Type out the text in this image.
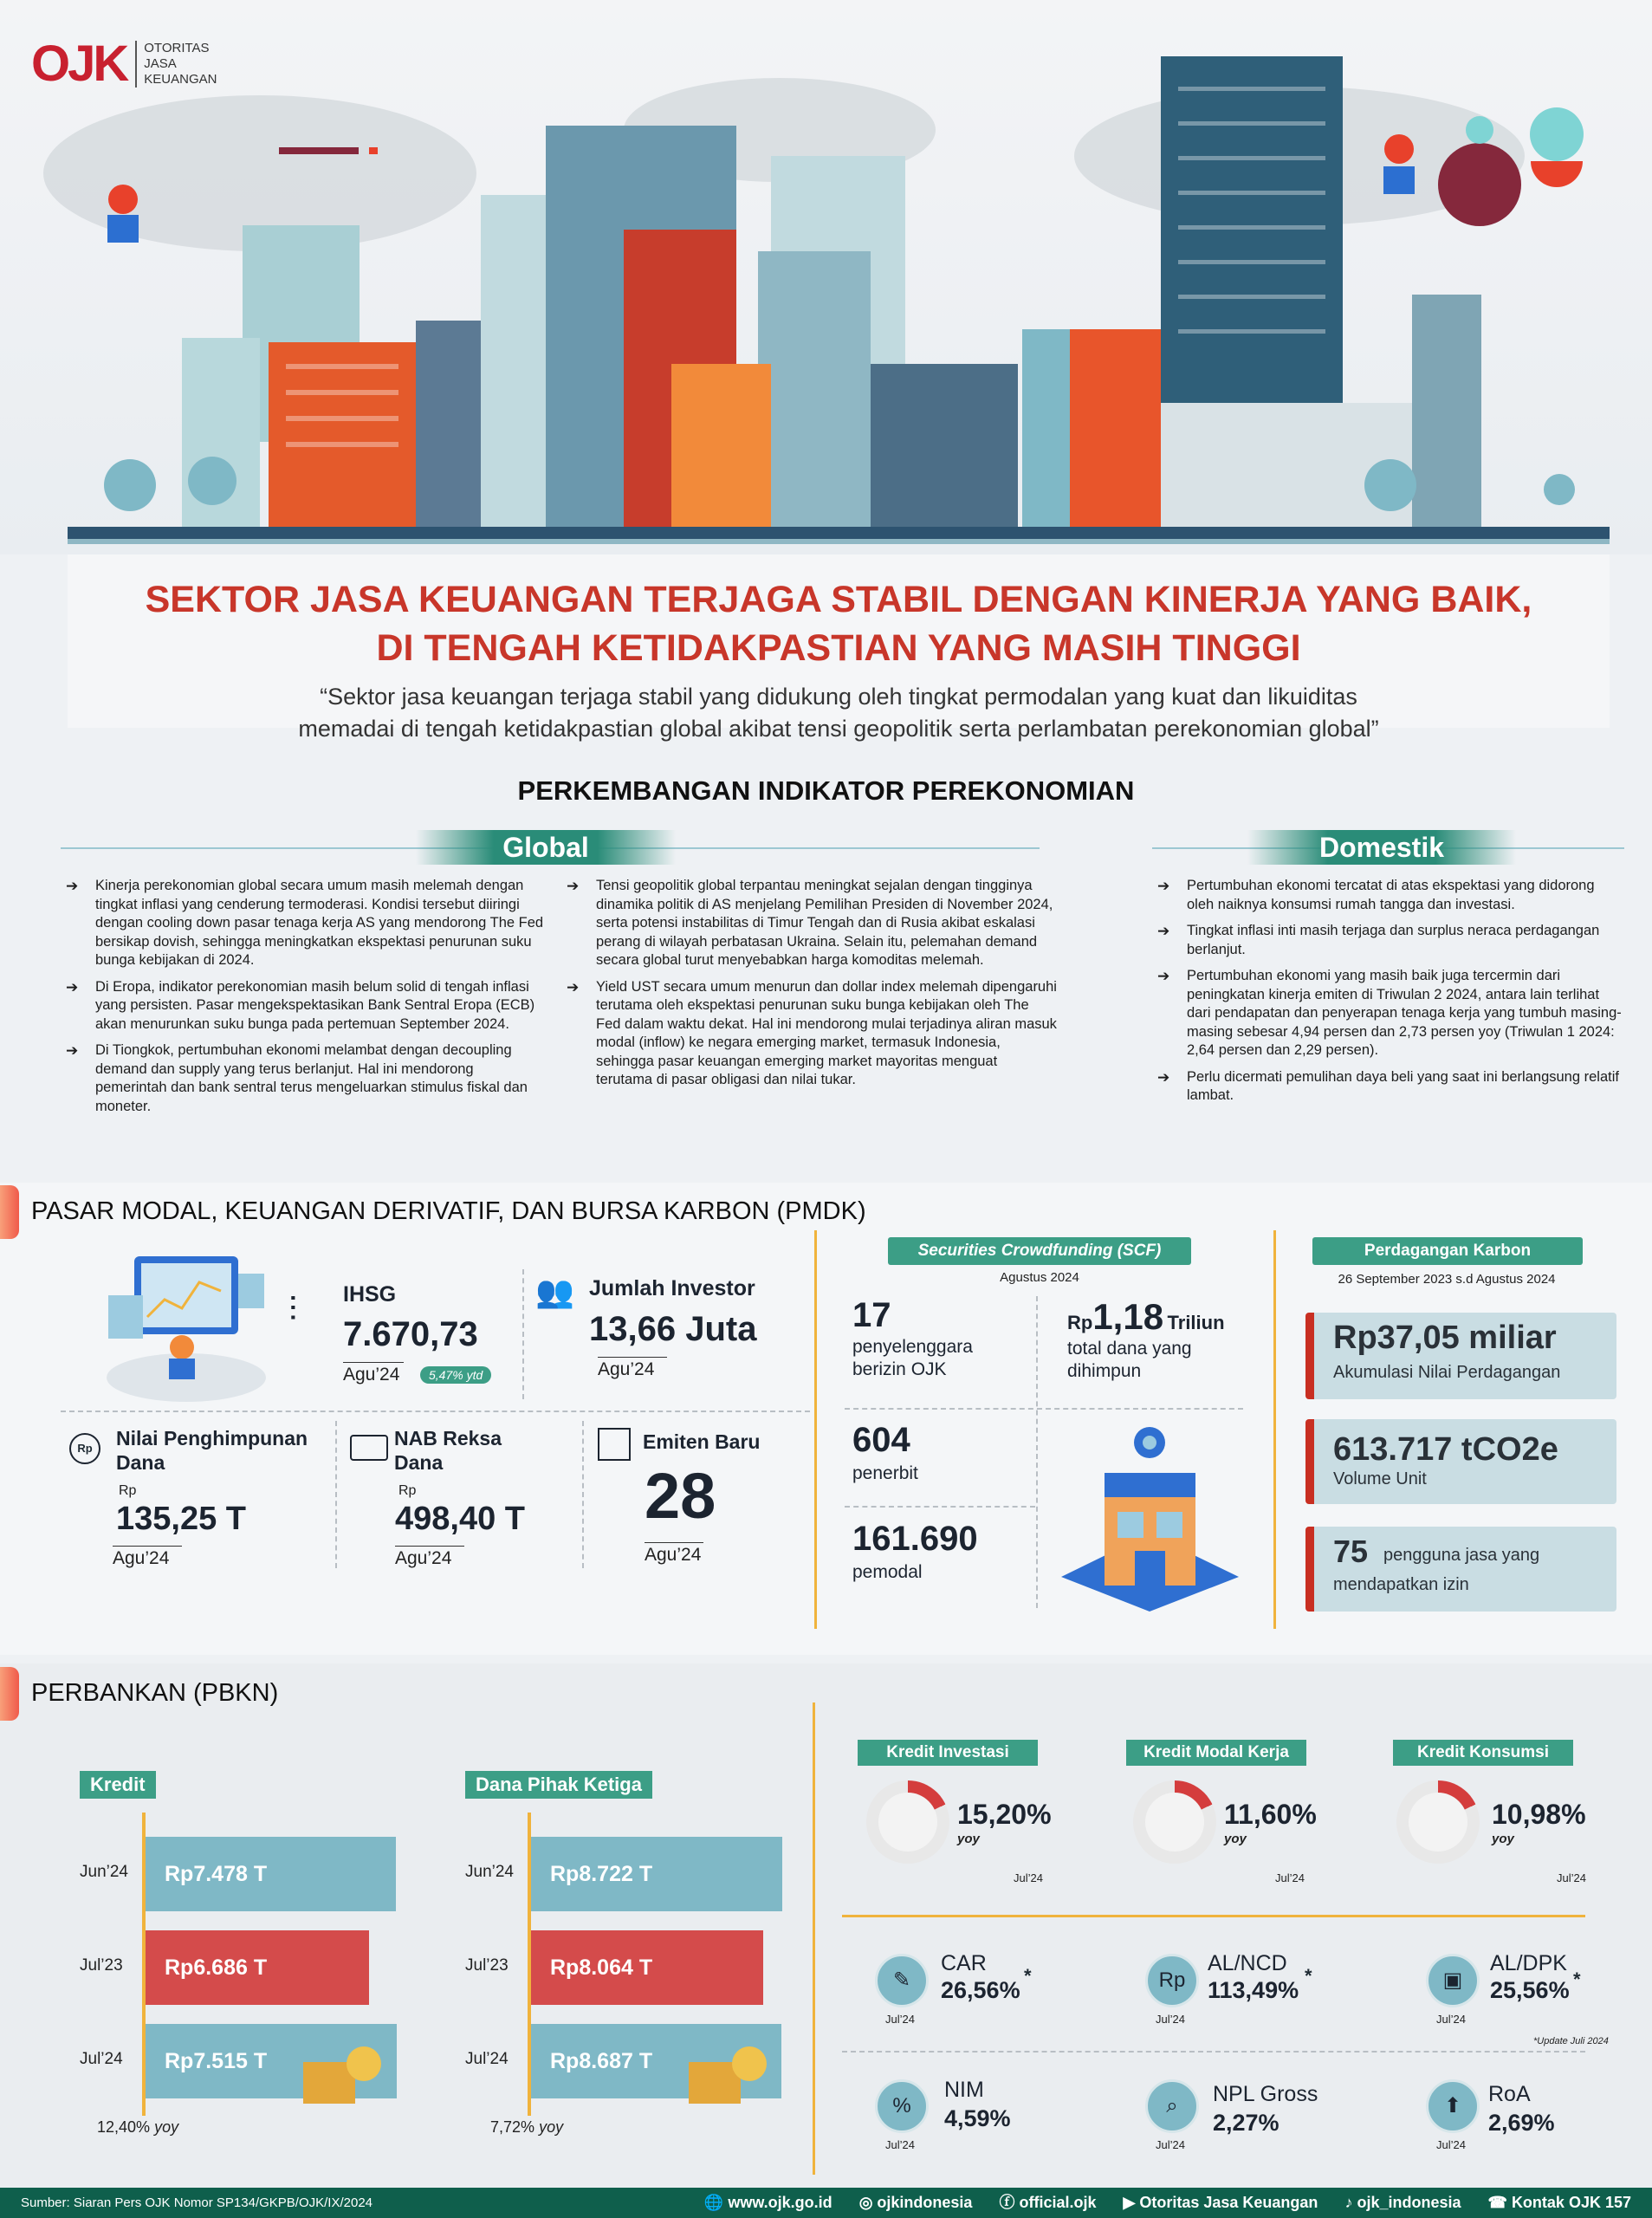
OJK	OTORITAS
JASA
KEUANGAN
SEKTOR JASA KEUANGAN TERJAGA STABIL DENGAN KINERJA YANG BAIK,
DI TENGAH KETIDAKPASTIAN YANG MASIH TINGGI
“Sektor jasa keuangan terjaga stabil yang didukung oleh tingkat permodalan yang kuat dan likuiditas
memadai di tengah ketidakpastian global akibat tensi geopolitik serta perlambatan perekonomian global”
PERKEMBANGAN INDIKATOR PEREKONOMIAN
Global	Domestik
➔ Kinerja perekonomian global secara umum masih melemah dengan tingkat inflasi yang cenderung termoderasi. Kondisi tersebut diiringi dengan cooling down pasar tenaga kerja AS yang mendorong The Fed bersikap dovish, sehingga meningkatkan ekspektasi penurunan suku bunga kebijakan di 2024.
➔ Di Eropa, indikator perekonomian masih belum solid di tengah inflasi yang persisten. Pasar mengekspektasikan Bank Sentral Eropa (ECB) akan menurunkan suku bunga pada pertemuan September 2024.
➔ Di Tiongkok, pertumbuhan ekonomi melambat dengan decoupling demand dan supply yang terus berlanjut. Hal ini mendorong pemerintah dan bank sentral terus mengeluarkan stimulus fiskal dan moneter.
➔ Tensi geopolitik global terpantau meningkat sejalan dengan tingginya dinamika politik di AS menjelang Pemilihan Presiden di November 2024, serta potensi instabilitas di Timur Tengah dan di Rusia akibat eskalasi perang di wilayah perbatasan Ukraina. Selain itu, pelemahan demand secara global turut menyebabkan harga komoditas melemah.
➔ Yield UST secara umum menurun dan dollar index melemah dipengaruhi terutama oleh ekspektasi penurunan suku bunga kebijakan oleh The Fed dalam waktu dekat. Hal ini mendorong mulai terjadinya aliran masuk modal (inflow) ke negara emerging market, termasuk Indonesia, sehingga pasar keuangan emerging market mayoritas menguat terutama di pasar obligasi dan nilai tukar.
➔ Pertumbuhan ekonomi tercatat di atas ekspektasi yang didorong oleh naiknya konsumsi rumah tangga dan investasi.
➔ Tingkat inflasi inti masih terjaga dan surplus neraca perdagangan berlanjut.
➔ Pertumbuhan ekonomi yang masih baik juga tercermin dari peningkatan kinerja emiten di Triwulan 2 2024, antara lain terlihat dari pendapatan dan penyerapan tenaga kerja yang tumbuh masing-masing sebesar 4,94 persen dan 2,73 persen yoy (Triwulan 1 2024: 2,64 persen dan 2,29 persen).
➔ Perlu dicermati pemulihan daya beli yang saat ini berlangsung relatif lambat.
PASAR MODAL, KEUANGAN DERIVATIF, DAN BURSA KARBON (PMDK)
⫶ IHSG
7.670,73
Agu’24	5,47% ytd
👥 Jumlah Investor
13,66 Juta
Agu’24
Rp	Nilai Penghimpunan
Dana
Rp
135,25 T
Agu’24
NAB Reksa
Dana
Rp
498,40 T
Agu’24
Emiten Baru
28
Agu’24
Securities Crowdfunding (SCF)
Agustus 2024
17
penyelenggara
berizin OJK
Rp1,18 Triliun
total dana yang
dihimpun
604
penerbit
161.690
pemodal
Perdagangan Karbon
26 September 2023 s.d Agustus 2024
Rp37,05 miliar
Akumulasi Nilai Perdagangan
613.717 tCO2e
Volume Unit
75 pengguna jasa yang
mendapatkan izin
PERBANKAN (PBKN)
Kredit
Jun’24	Rp7.478 T
Jul’23	Rp6.686 T
Jul’24	Rp7.515 T
12,40% yoy
Dana Pihak Ketiga
Jun’24	Rp8.722 T
Jul’23	Rp8.064 T
Jul’24	Rp8.687 T
7,72% yoy
Kredit Investasi
15,20%
yoy
Jul’24
Kredit Modal Kerja
11,60%
yoy
Jul’24
Kredit Konsumsi
10,98%
yoy
Jul’24
✎
CAR
26,56%
*
Jul’24
Rp
AL/NCD
113,49%
*
Jul’24
▣
AL/DPK
25,56% *
Jul’24
*Update Juli 2024
%
NIM
4,59%
Jul’24
⌕	NPL Gross
2,27%
Jul’24
⬆	RoA
2,69%
Jul’24
Sumber: Siaran Pers OJK Nomor SP134/GKPB/OJK/IX/2024	🌐 www.ojk.go.id ◎ ojkindonesia ⓕ official.ojk ▶ Otoritas Jasa Keuangan ♪ ojk_indonesia ☎ Kontak OJK 157
